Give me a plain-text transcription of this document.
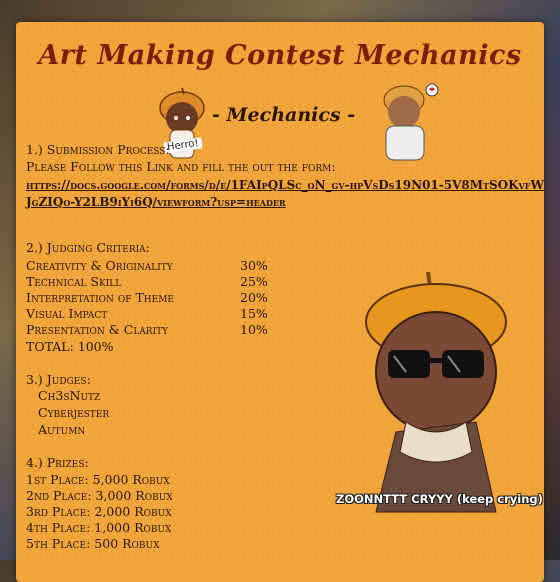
Art Making Contest Mechanics
Herro!
- Mechanics -
1.) Submission Process:
Please Follow this Link and fill the out the form:
https://docs.google.com/forms/d/e/1FAIpQLSc_oN_gv-hpVsDs19N01-5V8MtSOKvfWJgZIQo-Y2LB9iYi6Q/viewform?usp=header
2.) Judging Criteria:
Creativity & Originality	30%
Technical Skill	25%
Interpretation of Theme	20%
Visual Impact	15%
Presentation & Clarity	10%
TOTAL: 100%
3.) Judges:
Ch3sNutz
Cyberjester
Autumn
4.) Prizes:
1st Place: 5,000 Robux
2nd Place: 3,000 Robux
3rd Place: 2,000 Robux
4th Place: 1,000 Robux
5th Place: 500 Robux
ZOONNTTT CRYYY (keep crying)
